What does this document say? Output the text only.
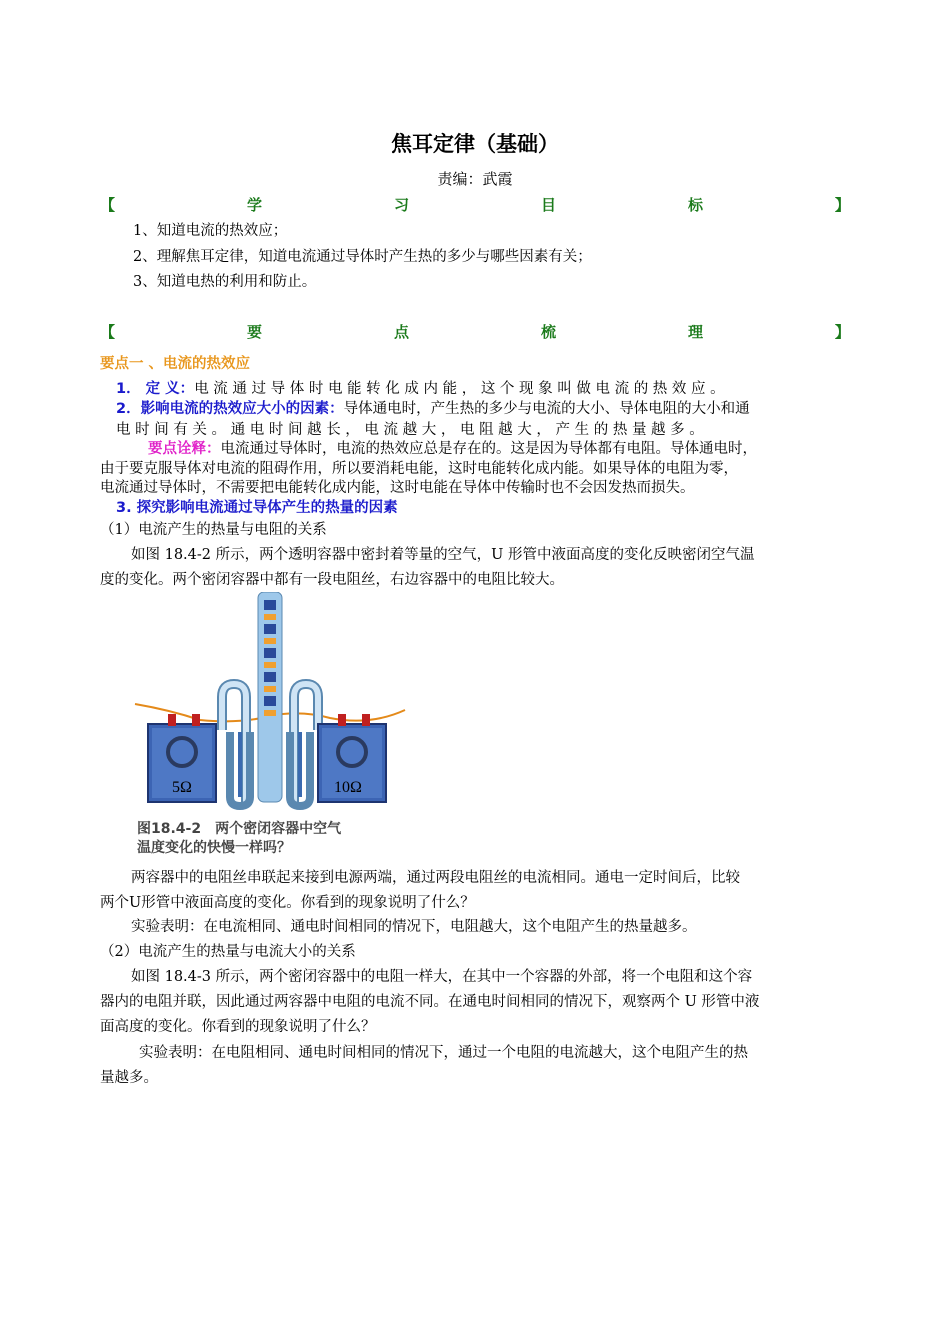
焦耳定律（基础）
责编：武霞
【	学	习	目	标	】
1、知道电流的热效应；
2、理解焦耳定律，知道电流通过导体时产生热的多少与哪些因素有关；
3、知道电热的利用和防止。
【	要	点	梳	理	】
要点一 、电流的热效应
1． 定 义：电 流 通 过 导 体 时 电 能 转 化 成 内 能 ， 这 个 现 象 叫 做 电 流 的 热 效 应 。
2．影响电流的热效应大小的因素：导体通电时，产生热的多少与电流的大小、导体电阻的大小和通
电 时 间 有 关 。 通 电 时 间 越 长 ， 电 流 越 大 ， 电 阻 越 大 ， 产 生 的 热 量 越 多 。
要点诠释：电流通过导体时，电流的热效应总是存在的。这是因为导体都有电阻。导体通电时，
由于要克服导体对电流的阻碍作用，所以要消耗电能，这时电能转化成内能。如果导体的电阻为零，
电流通过导体时，不需要把电能转化成内能，这时电能在导体中传输时也不会因发热而损失。
3. 探究影响电流通过导体产生的热量的因素
（1）电流产生的热量与电阻的关系
如图 18.4-2 所示，两个透明容器中密封着等量的空气，U 形管中液面高度的变化反映密闭空气温
度的变化。两个密闭容器中都有一段电阻丝，右边容器中的电阻比较大。
5Ω	10Ω
图18.4-2　两个密闭容器中空气
温度变化的快慢一样吗？
两容器中的电阻丝串联起来接到电源两端，通过两段电阻丝的电流相同。通电一定时间后，比较
两个U形管中液面高度的变化。你看到的现象说明了什么？
实验表明：在电流相同、通电时间相同的情况下，电阻越大，这个电阻产生的热量越多。
（2）电流产生的热量与电流大小的关系
如图 18.4-3 所示，两个密闭容器中的电阻一样大，在其中一个容器的外部，将一个电阻和这个容
器内的电阻并联，因此通过两容器中电阻的电流不同。在通电时间相同的情况下，观察两个 U 形管中液
面高度的变化。你看到的现象说明了什么？
实验表明：在电阻相同、通电时间相同的情况下，通过一个电阻的电流越大，这个电阻产生的热
量越多。
